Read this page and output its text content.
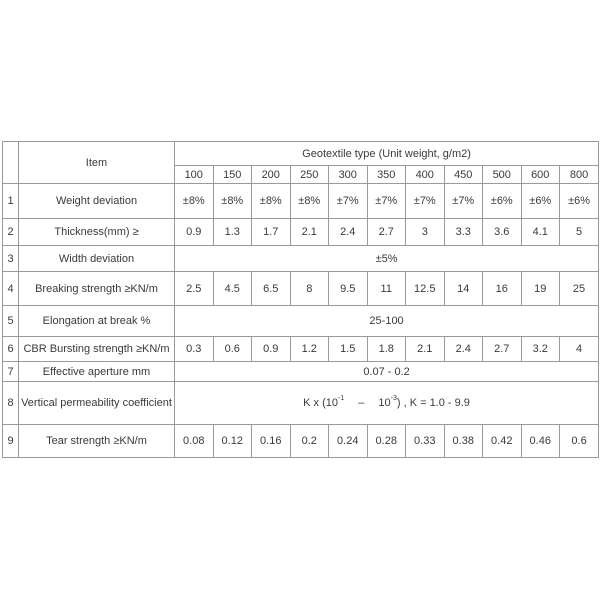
	Item	Geotextile type (Unit weight, g/m2)										
		100	150	200	250	300	350	400	450	500	600	800
1	Weight deviation	±8%	±8%	±8%	±8%	±7%	±7%	±7%	±7%	±6%	±6%	±6%
2	Thickness(mm) ≥	0.9	1.3	1.7	2.1	2.4	2.7	3	3.3	3.6	4.1	5
3	Width deviation	±5%										
4	Breaking strength ≥KN/m	2.5	4.5	6.5	8	9.5	11	12.5	14	16	19	25
5	Elongation at break %	25-100										
6	CBR Bursting strength ≥KN/m	0.3	0.6	0.9	1.2	1.5	1.8	2.1	2.4	2.7	3.2	4
7	Effective aperture mm	0.07 - 0.2										
8	Vertical permeability coefficient	K x $(10^{-1} - 10^{-3})$ , K = 1.0 - 9.9										
9	Tear strength ≥KN/m	0.08	0.12	0.16	0.2	0.24	0.28	0.33	0.38	0.42	0.46	0.6
